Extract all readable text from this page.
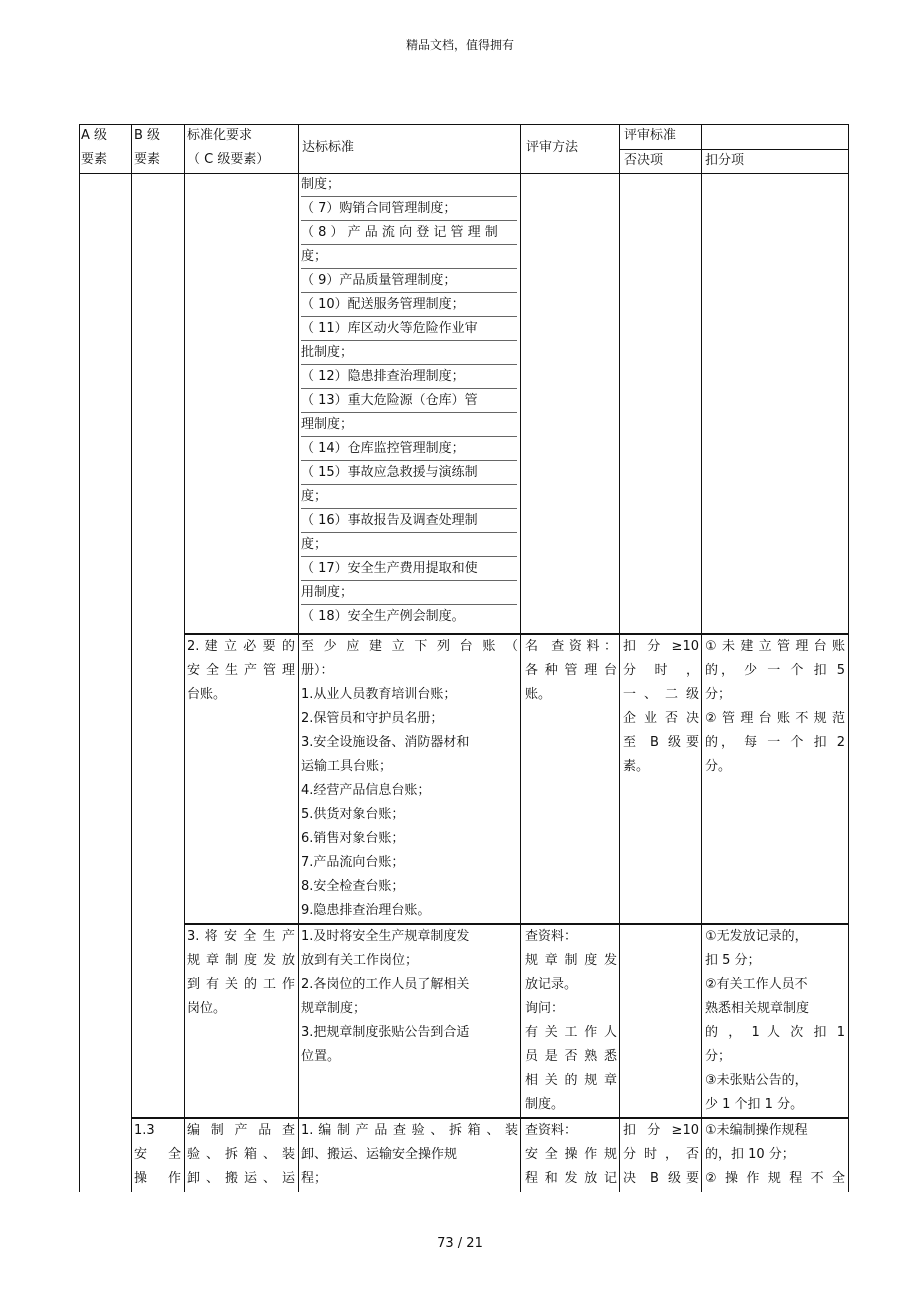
精品文档，值得拥有
A 级
要素
B 级
要素
标准化要求
（ C 级要素）
达标标准	评审方法
评审标准
否决项	扣分项
制度；
（ 7）购销合同管理制度；
（ 8 ） 产 品 流 向 登 记 管 理 制
度；
（ 9）产品质量管理制度；
（ 10）配送服务管理制度；
（ 11）库区动火等危险作业审
批制度；
（ 12）隐患排查治理制度；
（ 13）重大危险源（仓库）管
理制度；
（ 14）仓库监控管理制度；
（ 15）事故应急救援与演练制
度；
（ 16）事故报告及调查处理制
度；
（ 17）安全生产费用提取和使
用制度；
（ 18）安全生产例会制度。
2. 建 立 必 要 的
安 全 生 产 管 理
台账。
至 少 应 建 立 下 列 台 账 （
册）：
1.从业人员教育培训台账；
2.保管员和守护员名册；
3.安全设施设备、消防器材和
运输工具台账；
4.经营产品信息台账；
5.供货对象台账；
6.销售对象台账；
7.产品流向台账；
8.安全检查台账；
9.隐患排查治理台账。
名 查资料：
各 种 管 理 台
账。
扣 分 ≥10
分 时 ，
一 、 二 级
企 业 否 决
至 B 级要
素。
①未建立管理台账
的， 少 一 个 扣 5
分；
②管理台账不规范
的， 每 一 个 扣 2
分。
3. 将 安 全 生 产
规 章 制 度 发 放
到 有 关 的 工 作
岗位。
1.及时将安全生产规章制度发
放到有关工作岗位；
2.各岗位的工作人员了解相关
规章制度；
3.把规章制度张贴公告到合适
位置。
查资料：
规 章 制 度 发
放记录。
询问：
有 关 工 作 人
员 是 否 熟 悉
相 关 的 规 章
制度。
①无发放记录的，
扣 5 分；
②有关工作人员不
熟悉相关规章制度
的 ， 1 人 次 扣 1
分；
③未张贴公告的，
少 1 个扣 1 分。
1.3
安 全
操 作
编 制 产 品 查
验 、 拆 箱 、 装
卸 、 搬 运 、 运
1. 编 制 产 品 查 验 、 拆 箱 、 装
卸、搬运、运输安全操作规
程；
查资料：
安 全 操 作 规
程 和 发 放 记
扣 分 ≥10
分 时 ， 否
决 B 级要
①未编制操作规程
的，扣 10 分；
② 操 作 规 程 不 全
73 / 21
